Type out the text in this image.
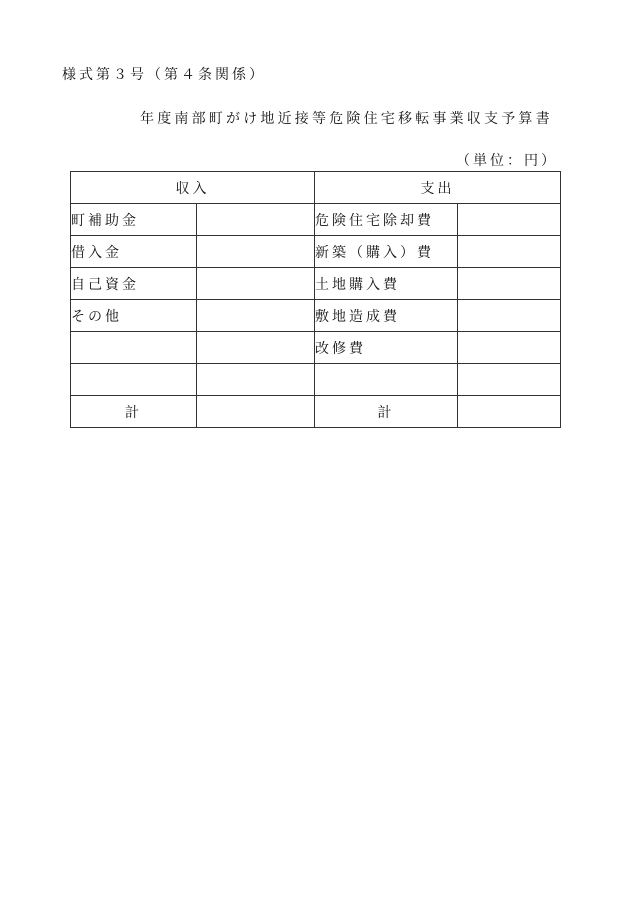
様式第３号（第４条関係）
年度南部町がけ地近接等危険住宅移転事業収支予算書
（単位：円）
収入		支出	
町補助金		危険住宅除却費	
借入金		新築（購入）費	
自己資金		土地購入費	
その他		敷地造成費	
		改修費	

計		計	
